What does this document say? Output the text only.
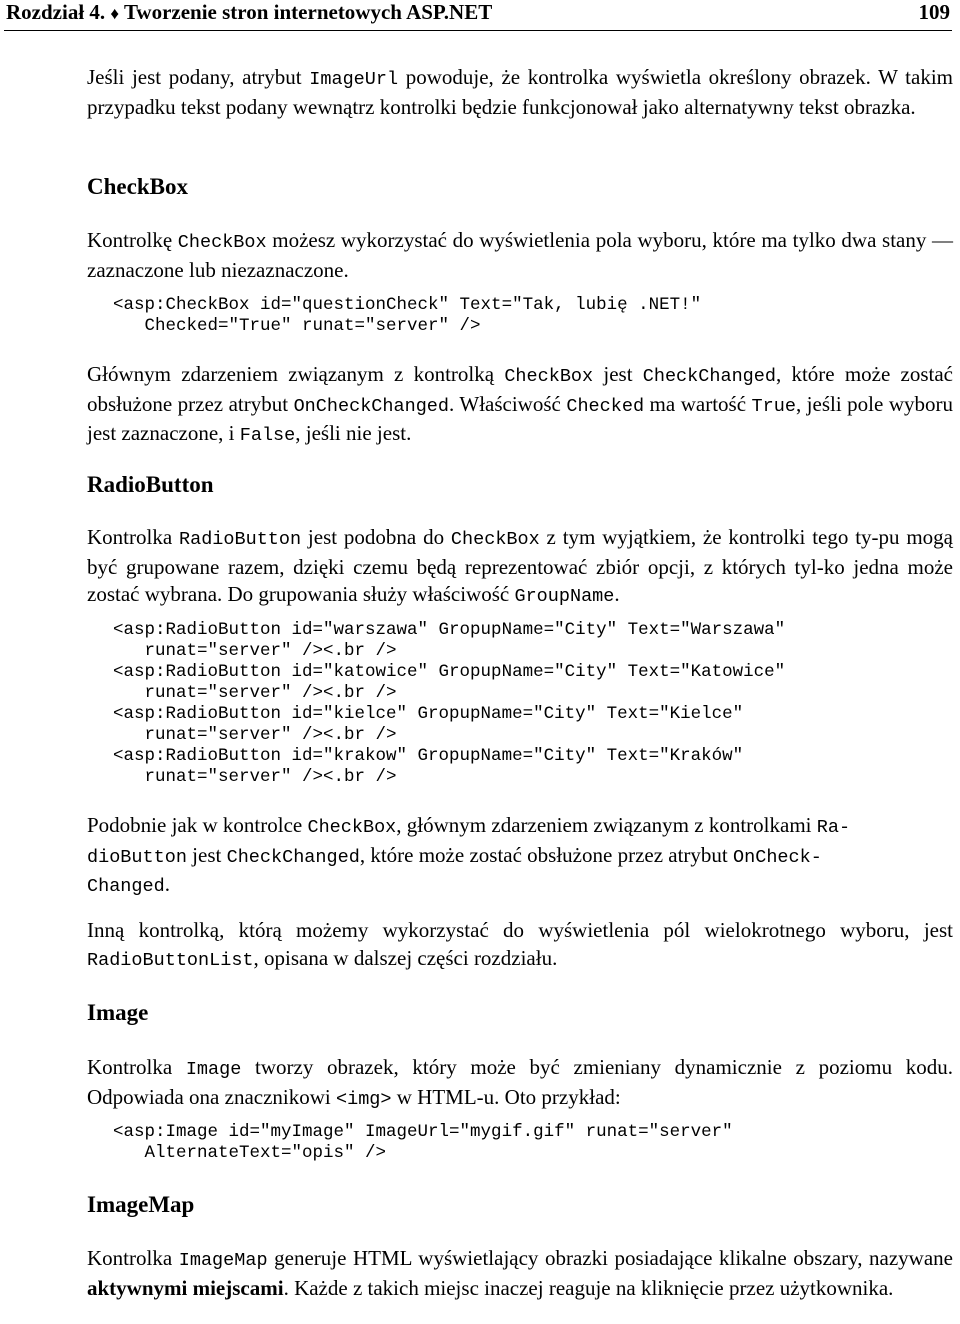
Rozdział 4. ♦ Tworzenie stron internetowych ASP.NET	109

Jeśli jest podany, atrybut ImageUrl powoduje, że kontrolka wyświetla określony obrazek. W takim przypadku tekst podany wewnątrz kontrolki będzie funkcjonował jako alternatywny tekst obrazka.

CheckBox

Kontrolkę CheckBox możesz wykorzystać do wyświetlenia pola wyboru, które ma tylko dwa stany — zaznaczone lub niezaznaczone.

<asp:CheckBox id="questionCheck" Text="Tak, lubię .NET!"
Checked="True" runat="server" />

Głównym zdarzeniem związanym z kontrolką CheckBox jest CheckChanged, które może zostać obsłużone przez atrybut OnCheckChanged. Właściwość Checked ma wartość True, jeśli pole wyboru jest zaznaczone, i False, jeśli nie jest.

RadioButton

Kontrolka RadioButton jest podobna do CheckBox z tym wyjątkiem, że kontrolki tego ty-pu mogą być grupowane razem, dzięki czemu będą reprezentować zbiór opcji, z których tyl-ko jedna może zostać wybrana. Do grupowania służy właściwość GroupName.

<asp:RadioButton id="warszawa" GropupName="City" Text="Warszawa"
runat="server" /><.br />
<asp:RadioButton id="katowice" GropupName="City" Text="Katowice"
runat="server" /><.br />
<asp:RadioButton id="kielce" GropupName="City" Text="Kielce"
runat="server" /><.br />
<asp:RadioButton id="krakow" GropupName="City" Text="Kraków"
runat="server" /><.br />

Podobnie jak w kontrolce CheckBox, głównym zdarzeniem związanym z kontrolkami Ra-
dioButton jest CheckChanged, które może zostać obsłużone przez atrybut OnCheck-
Changed.

Inną kontrolką, którą możemy wykorzystać do wyświetlenia pól wielokrotnego wyboru, jest RadioButtonList, opisana w dalszej części rozdziału.

Image

Kontrolka Image tworzy obrazek, który może być zmieniany dynamicznie z poziomu kodu. Odpowiada ona znacznikowi <img> w HTML-u. Oto przykład:

<asp:Image id="myImage" ImageUrl="mygif.gif" runat="server"
AlternateText="opis" />
ImageMap

Kontrolka ImageMap generuje HTML wyświetlający obrazki posiadające klikalne obszary, nazywane aktywnymi miejscami. Każde z takich miejsc inaczej reaguje na kliknięcie przez użytkownika.
